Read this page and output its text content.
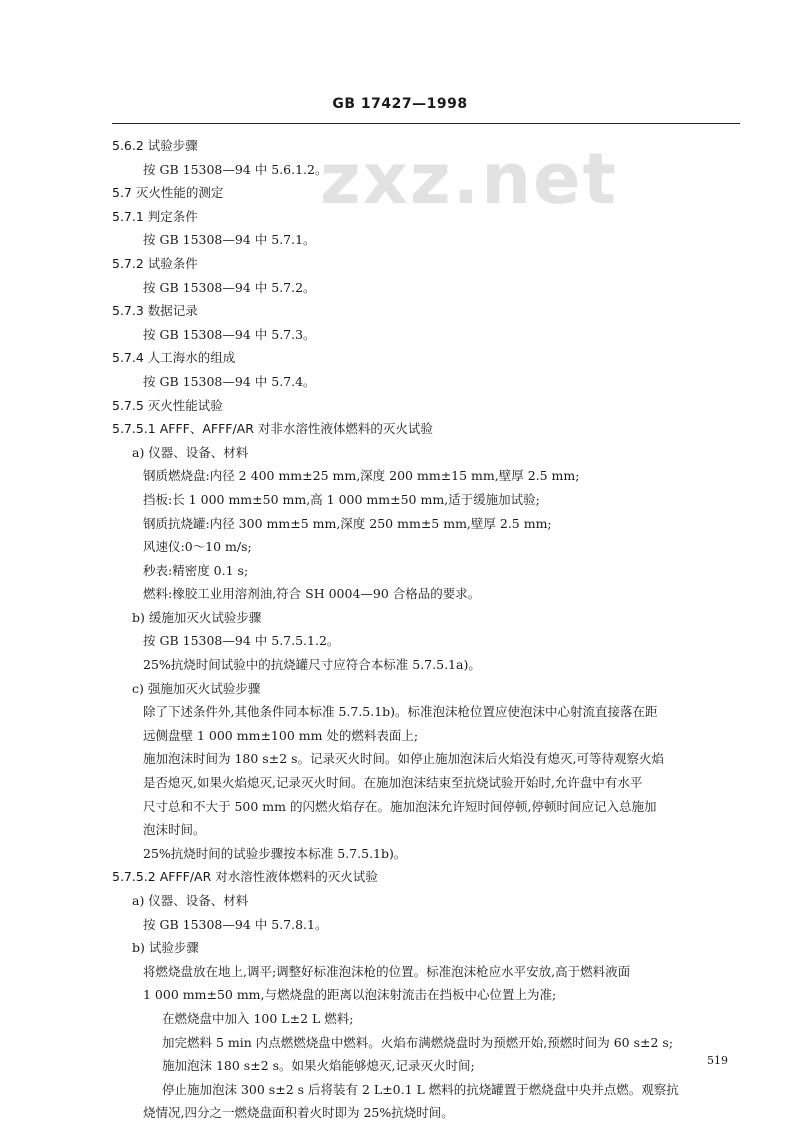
zxz.net
GB 17427—1998
5.6.2 试验步骤
按 GB 15308—94 中 5.6.1.2。
5.7 灭火性能的测定
5.7.1 判定条件
按 GB 15308—94 中 5.7.1。
5.7.2 试验条件
按 GB 15308—94 中 5.7.2。
5.7.3 数据记录
按 GB 15308—94 中 5.7.3。
5.7.4 人工海水的组成
按 GB 15308—94 中 5.7.4。
5.7.5 灭火性能试验
5.7.5.1 AFFF、AFFF/AR 对非水溶性液体燃料的灭火试验
a) 仪器、设备、材料
钢质燃烧盘:内径 2 400 mm±25 mm,深度 200 mm±15 mm,壁厚 2.5 mm;
挡板:长 1 000 mm±50 mm,高 1 000 mm±50 mm,适于缓施加试验;
钢质抗烧罐:内径 300 mm±5 mm,深度 250 mm±5 mm,壁厚 2.5 mm;
风速仪:0～10 m/s;
秒表:精密度 0.1 s;
燃料:橡胶工业用溶剂油,符合 SH 0004—90 合格品的要求。
b) 缓施加灭火试验步骤
按 GB 15308—94 中 5.7.5.1.2。
25%抗烧时间试验中的抗烧罐尺寸应符合本标准 5.7.5.1a)。
c) 强施加灭火试验步骤
除了下述条件外,其他条件同本标准 5.7.5.1b)。标准泡沫枪位置应使泡沫中心射流直接落在距
远侧盘壁 1 000 mm±100 mm 处的燃料表面上;
施加泡沫时间为 180 s±2 s。记录灭火时间。如停止施加泡沫后火焰没有熄灭,可等待观察火焰
是否熄灭,如果火焰熄灭,记录灭火时间。在施加泡沫结束至抗烧试验开始时,允许盘中有水平
尺寸总和不大于 500 mm 的闪燃火焰存在。施加泡沫允许短时间停顿,停顿时间应记入总施加
泡沫时间。
25%抗烧时间的试验步骤按本标准 5.7.5.1b)。
5.7.5.2 AFFF/AR 对水溶性液体燃料的灭火试验
a) 仪器、设备、材料
按 GB 15308—94 中 5.7.8.1。
b) 试验步骤
将燃烧盘放在地上,调平;调整好标准泡沫枪的位置。标准泡沫枪应水平安放,高于燃料液面
1 000 mm±50 mm,与燃烧盘的距离以泡沫射流击在挡板中心位置上为准;
在燃烧盘中加入 100 L±2 L 燃料;
加完燃料 5 min 内点燃燃烧盘中燃料。火焰布满燃烧盘时为预燃开始,预燃时间为 60 s±2 s;
施加泡沫 180 s±2 s。如果火焰能够熄灭,记录灭火时间;
停止施加泡沫 300 s±2 s 后将装有 2 L±0.1 L 燃料的抗烧罐置于燃烧盘中央并点燃。观察抗
烧情况,四分之一燃烧盘面积着火时即为 25%抗烧时间。
519
